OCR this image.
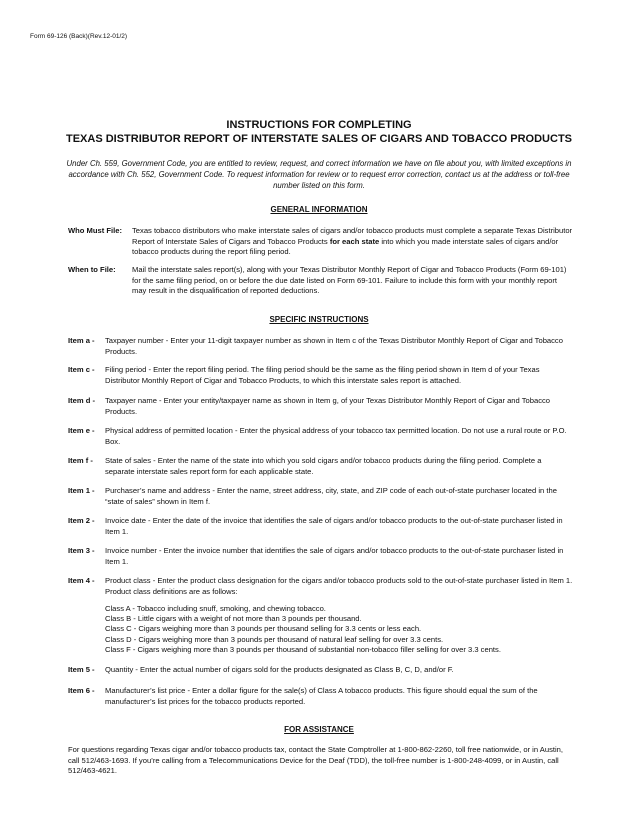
Form 69-126 (Back)(Rev.12-01/2)
INSTRUCTIONS FOR COMPLETING
TEXAS DISTRIBUTOR REPORT OF INTERSTATE SALES OF CIGARS AND TOBACCO PRODUCTS
Under Ch. 559, Government Code, you are entitled to review, request, and correct information we have on file about you, with limited exceptions in accordance with Ch. 552, Government Code. To request information for review or to request error correction, contact us at the address or toll-free number listed on this form.
GENERAL INFORMATION
Who Must File: Texas tobacco distributors who make interstate sales of cigars and/or tobacco products must complete a separate Texas Distributor Report of Interstate Sales of Cigars and Tobacco Products for each state into which you made interstate sales of cigars and/or tobacco products during the report filing period.
When to File: Mail the interstate sales report(s), along with your Texas Distributor Monthly Report of Cigar and Tobacco Products (Form 69-101) for the same filing period, on or before the due date listed on Form 69-101. Failure to include this form with your monthly report may result in the disqualification of reported deductions.
SPECIFIC INSTRUCTIONS
Item a - Taxpayer number - Enter your 11-digit taxpayer number as shown in Item c of the Texas Distributor Monthly Report of Cigar and Tobacco Products.
Item c - Filing period - Enter the report filing period. The filing period should be the same as the filing period shown in Item d of your Texas Distributor Monthly Report of Cigar and Tobacco Products, to which this interstate sales report is attached.
Item d - Taxpayer name - Enter your entity/taxpayer name as shown in Item g, of your Texas Distributor Monthly Report of Cigar and Tobacco Products.
Item e - Physical address of permitted location - Enter the physical address of your tobacco tax permitted location. Do not use a rural route or P.O. Box.
Item f - State of sales - Enter the name of the state into which you sold cigars and/or tobacco products during the filing period. Complete a separate interstate sales report form for each applicable state.
Item 1 - Purchaser’s name and address - Enter the name, street address, city, state, and ZIP code of each out-of-state purchaser located in the “state of sales” shown in Item f.
Item 2 - Invoice date - Enter the date of the invoice that identifies the sale of cigars and/or tobacco products to the out-of-state purchaser listed in Item 1.
Item 3 - Invoice number - Enter the invoice number that identifies the sale of cigars and/or tobacco products to the out-of-state purchaser listed in Item 1.
Item 4 - Product class - Enter the product class designation for the cigars and/or tobacco products sold to the out-of-state purchaser listed in Item 1. Product class definitions are as follows:
Class A - Tobacco including snuff, smoking, and chewing tobacco.
Class B - Little cigars with a weight of not more than 3 pounds per thousand.
Class C - Cigars weighing more than 3 pounds per thousand selling for 3.3 cents or less each.
Class D - Cigars weighing more than 3 pounds per thousand of natural leaf selling for over 3.3 cents.
Class F - Cigars weighing more than 3 pounds per thousand of substantial non-tobacco filler selling for over 3.3 cents.
Item 5 - Quantity - Enter the actual number of cigars sold for the products designated as Class B, C, D, and/or F.
Item 6 - Manufacturer’s list price - Enter a dollar figure for the sale(s) of Class A tobacco products. This figure should equal the sum of the manufacturer’s list prices for the tobacco products reported.
FOR ASSISTANCE
For questions regarding Texas cigar and/or tobacco products tax, contact the State Comptroller at 1-800-862-2260, toll free nationwide, or in Austin, call 512/463-1693. If you’re calling from a Telecommunications Device for the Deaf (TDD), the toll-free number is 1-800-248-4099, or in Austin, call 512/463-4621.
